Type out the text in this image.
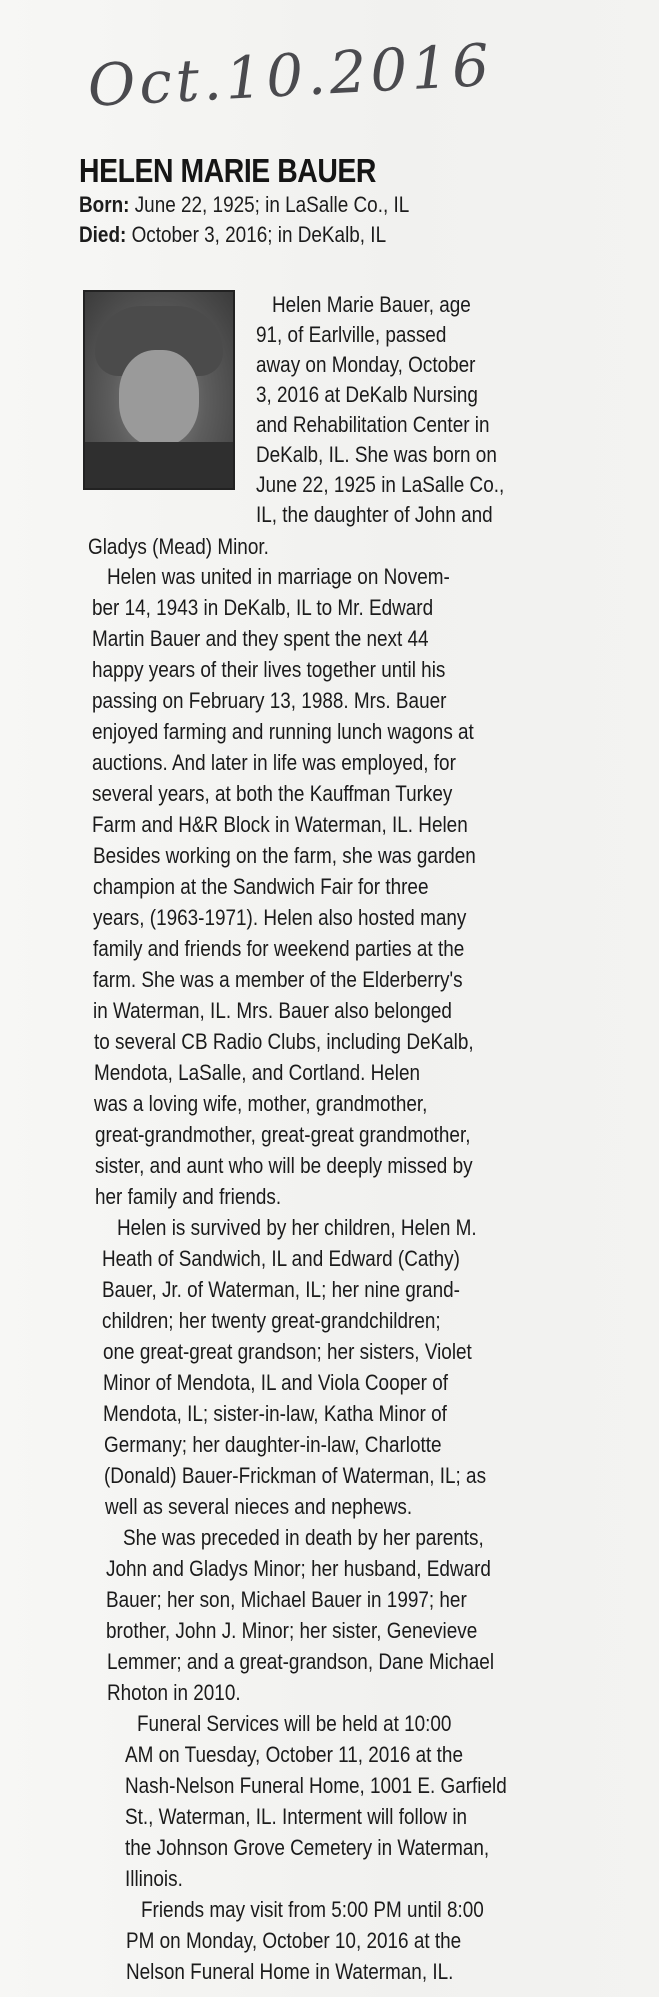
Oct.10.2016
HELEN MARIE BAUER
Born: June 22, 1925; in LaSalle Co., IL
Died: October 3, 2016; in DeKalb, IL
Helen Marie Bauer, age
91, of Earlville, passed
away on Monday, October
3, 2016 at DeKalb Nursing
and Rehabilitation Center in
DeKalb, IL. She was born on
June 22, 1925 in LaSalle Co.,
IL, the daughter of John and
Gladys (Mead) Minor.
Helen was united in marriage on Novem-
ber 14, 1943 in DeKalb, IL to Mr. Edward
Martin Bauer and they spent the next 44
happy years of their lives together until his
passing on February 13, 1988. Mrs. Bauer
enjoyed farming and running lunch wagons at
auctions. And later in life was employed, for
several years, at both the Kauffman Turkey
Farm and H&R Block in Waterman, IL. Helen
Besides working on the farm, she was garden
champion at the Sandwich Fair for three
years, (1963-1971). Helen also hosted many
family and friends for weekend parties at the
farm. She was a member of the Elderberry's
in Waterman, IL. Mrs. Bauer also belonged
to several CB Radio Clubs, including DeKalb,
Mendota, LaSalle, and Cortland. Helen
was a loving wife, mother, grandmother,
great-grandmother, great-great grandmother,
sister, and aunt who will be deeply missed by
her family and friends.
Helen is survived by her children, Helen M.
Heath of Sandwich, IL and Edward (Cathy)
Bauer, Jr. of Waterman, IL; her nine grand-
children; her twenty great-grandchildren;
one great-great grandson; her sisters, Violet
Minor of Mendota, IL and Viola Cooper of
Mendota, IL; sister-in-law, Katha Minor of
Germany; her daughter-in-law, Charlotte
(Donald) Bauer-Frickman of Waterman, IL; as
well as several nieces and nephews.
She was preceded in death by her parents,
John and Gladys Minor; her husband, Edward
Bauer; her son, Michael Bauer in 1997; her
brother, John J. Minor; her sister, Genevieve
Lemmer; and a great-grandson, Dane Michael
Rhoton in 2010.
Funeral Services will be held at 10:00
AM on Tuesday, October 11, 2016 at the
Nash-Nelson Funeral Home, 1001 E. Garfield
St., Waterman, IL. Interment will follow in
the Johnson Grove Cemetery in Waterman,
Illinois.
Friends may visit from 5:00 PM until 8:00
PM on Monday, October 10, 2016 at the
Nelson Funeral Home in Waterman, IL.
